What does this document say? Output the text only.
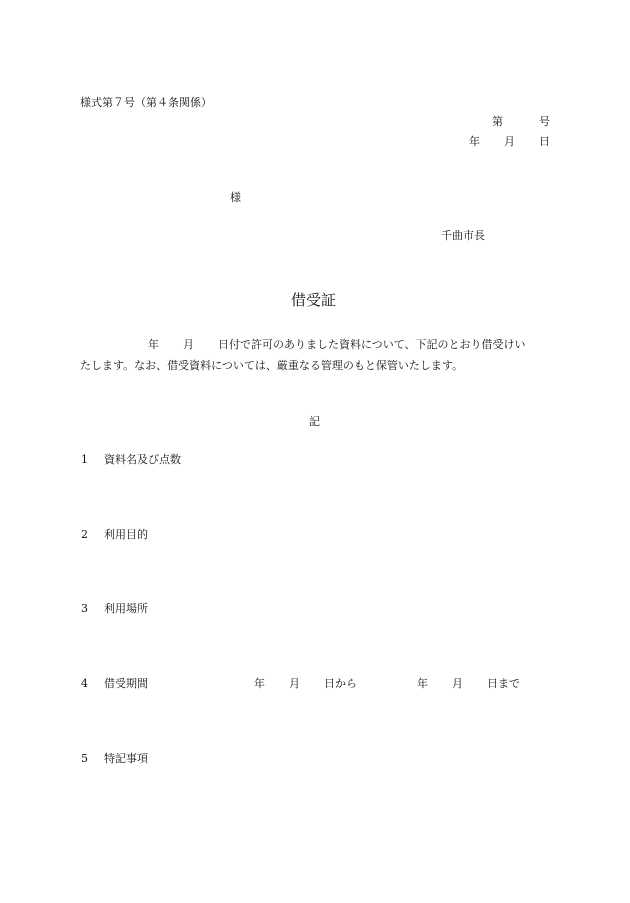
様式第７号（第４条関係）
第	号
年 月 日
様
千曲市長
借受証
年 月 日付で許可のありました資料について、下記のとおり借受けい
たします。なお、借受資料については、厳重なる管理のもと保管いたします。
記
1 資料名及び点数
2 利用目的
3 利用場所
4 借受期間	年 月 日から	年 月 日まで
5 特記事項
